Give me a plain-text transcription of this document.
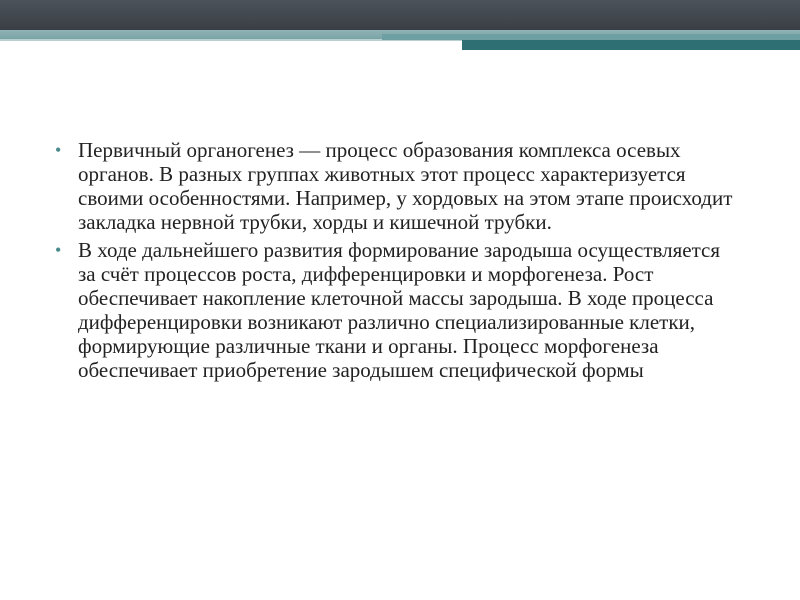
• Первичный органогенез — процесс образования комплекса осевых органов. В разных группах животных этот процесс характеризуется своими особенностями. Например, у хордовых на этом этапе происходит закладка нервной трубки, хорды и кишечной трубки.
• В ходе дальнейшего развития формирование зародыша осуществляется за счёт процессов роста, дифференцировки и морфогенеза. Рост обеспечивает накопление клеточной массы зародыша. В ходе процесса дифференцировки возникают различно специализированные клетки, формирующие различные ткани и органы. Процесс морфогенеза обеспечивает приобретение зародышем специфической формы
